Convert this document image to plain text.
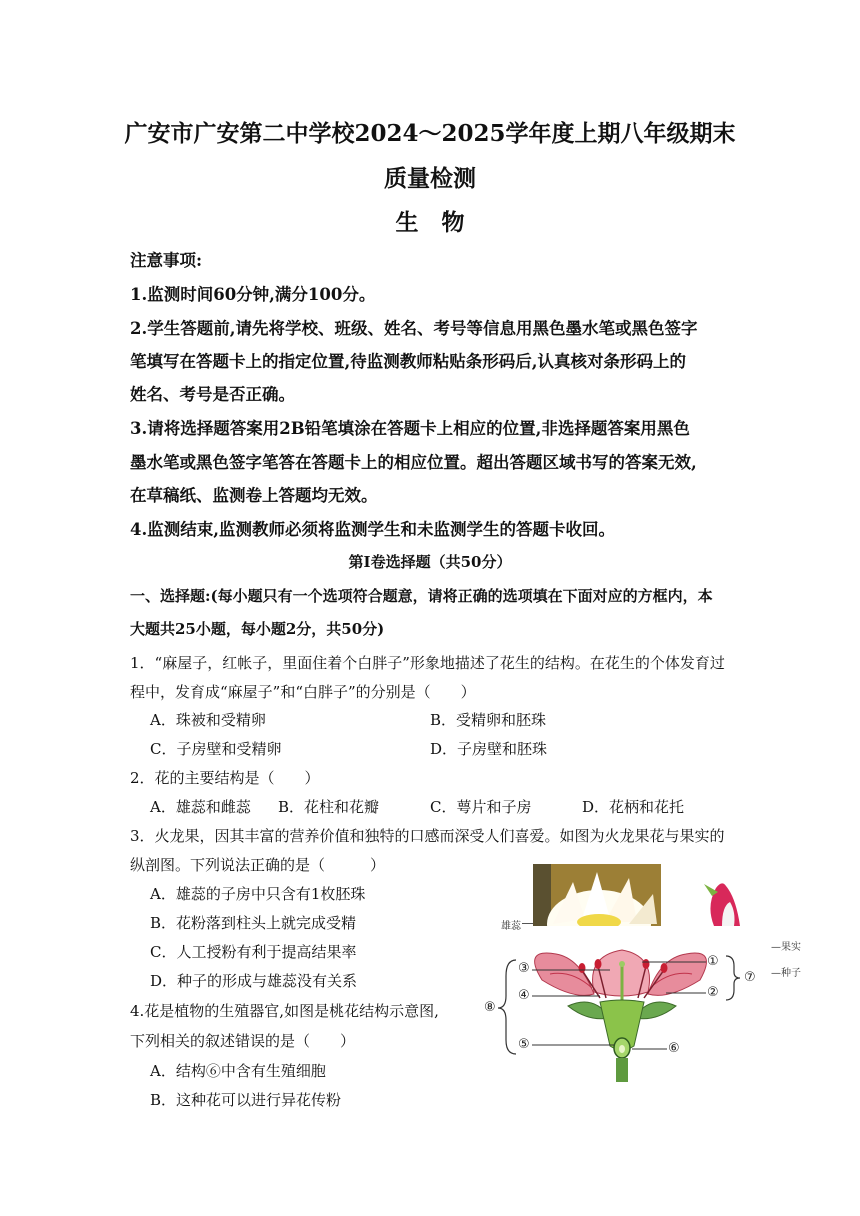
广安市广安第二中学校2024～2025学年度上期八年级期末

质量检测

生　物

注意事项:

1.监测时间60分钟,满分100分。

2.学生答题前,请先将学校、班级、姓名、考号等信息用黑色墨水笔或黑色签字

笔填写在答题卡上的指定位置,待监测教师粘贴条形码后,认真核对条形码上的

姓名、考号是否正确。

3.请将选择题答案用2B铅笔填涂在答题卡上相应的位置,非选择题答案用黑色

墨水笔或黑色签字笔答在答题卡上的相应位置。超出答题区域书写的答案无效,

在草稿纸、监测卷上答题均无效。

4.监测结束,监测教师必须将监测学生和未监测学生的答题卡收回。

第Ⅰ卷选择题（共50分）

一、选择题:(每小题只有一个选项符合题意，请将正确的选项填在下面对应的方框内，本

大题共25小题，每小题2分，共50分)

1．“麻屋子，红帐子，里面住着个白胖子”形象地描述了花生的结构。在花生的个体发育过

程中，发育成“麻屋子”和“白胖子”的分别是（　　）

A．珠被和受精卵	B．受精卵和胚珠

C．子房壁和受精卵	D．子房壁和胚珠

2．花的主要结构是（　　）

A．雄蕊和雌蕊 B．花柱和花瓣	C．萼片和子房	D．花柄和花托

3．火龙果，因其丰富的营养价值和独特的口感而深受人们喜爱。如图为火龙果花与果实的

纵剖图。下列说法正确的是（　　　）

A．雄蕊的子房中只含有1枚胚珠

B．花粉落到柱头上就完成受精

C．人工授粉有利于提高结果率

D．种子的形成与雄蕊没有关系

4.花是植物的生殖器官,如图是桃花结构示意图,

下列相关的叙述错误的是（　　）

A．结构⑥中含有生殖细胞

B．这种花可以进行异花传粉

雄蕊
—果实
—种子
③
④
⑤	⑥
①
②
⑦
⑧
